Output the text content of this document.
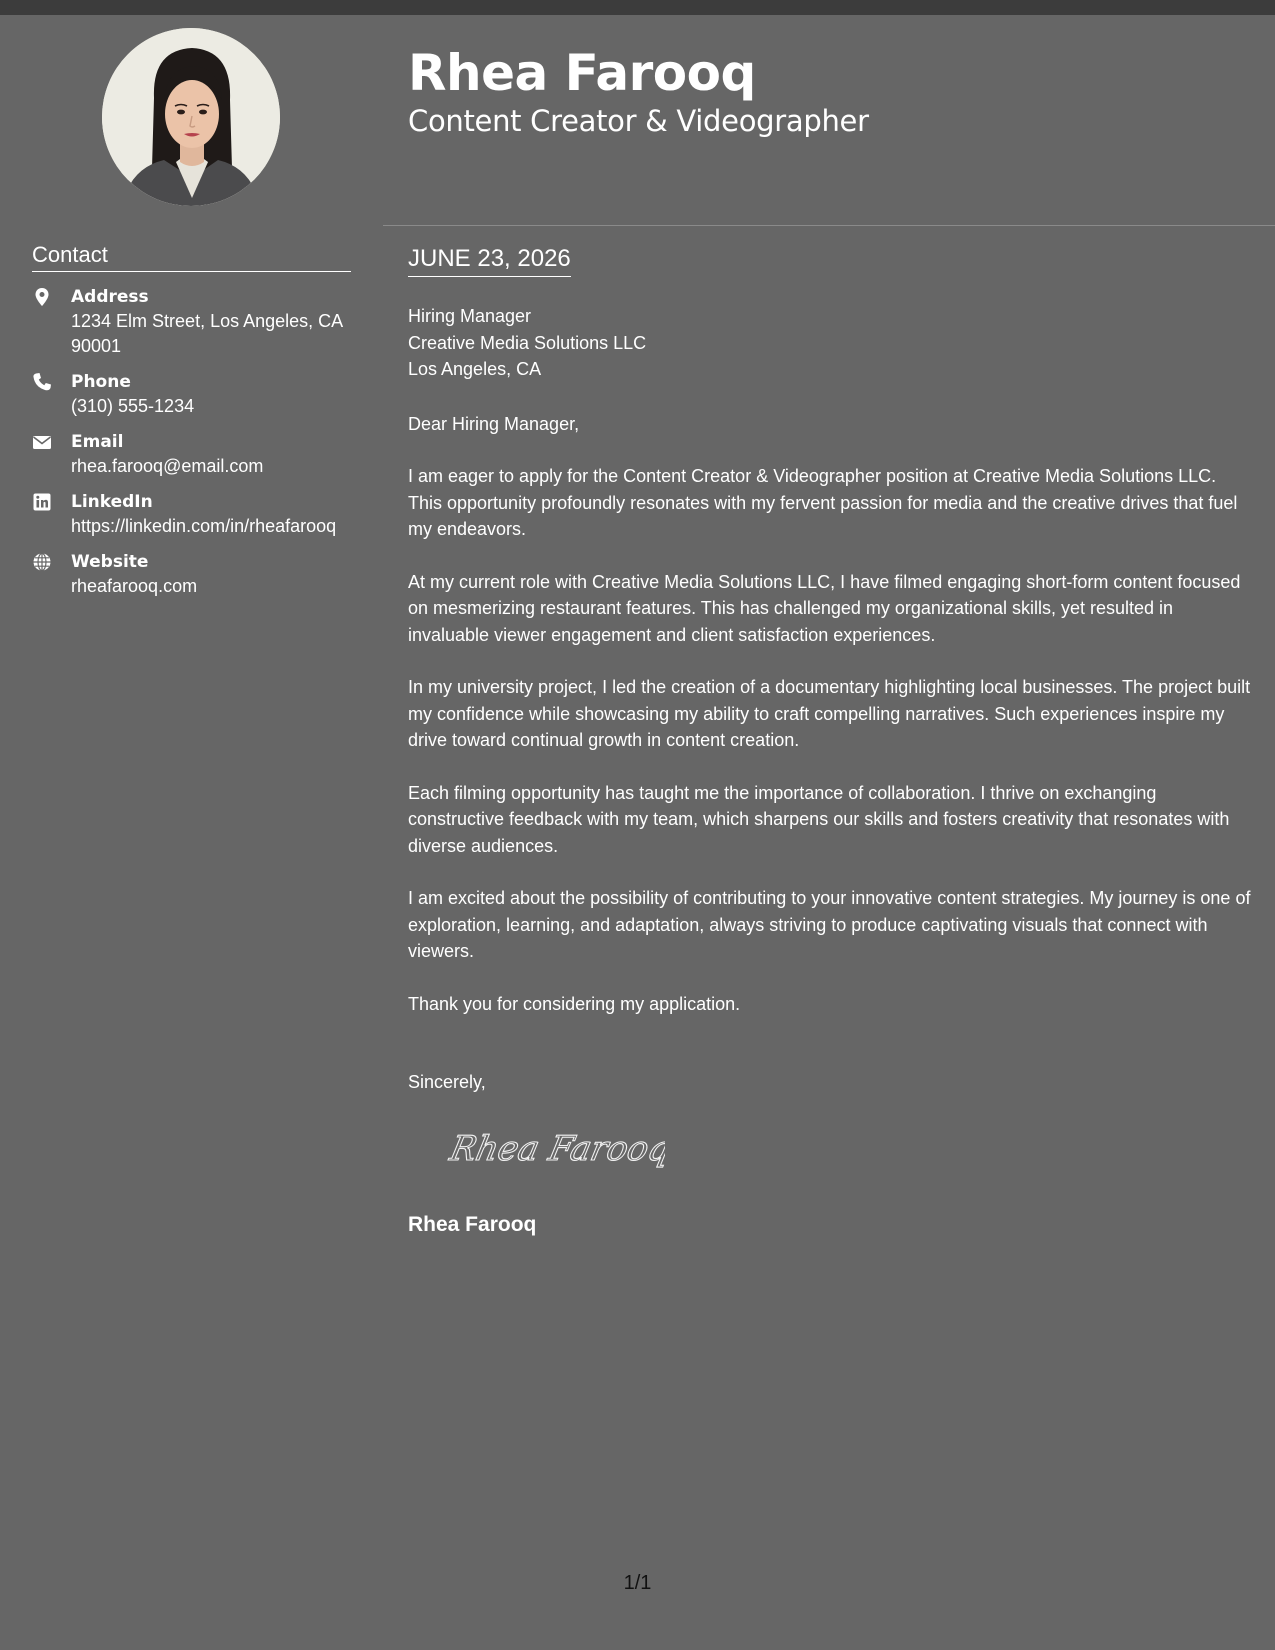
Contact
Address
1234 Elm Street, Los Angeles, CA 90001
Phone
(310) 555-1234
Email
rhea.farooq@email.com
LinkedIn
https://linkedin.com/in/rheafarooq
Website
rheafarooq.com
Rhea Farooq
Content Creator & Videographer
JUNE 23, 2026
Hiring Manager
Creative Media Solutions LLC
Los Angeles, CA

Dear Hiring Manager,

I am eager to apply for the Content Creator & Videographer position at Creative Media Solutions LLC. This opportunity profoundly resonates with my fervent passion for media and the creative drives that fuel my endeavors.

At my current role with Creative Media Solutions LLC, I have filmed engaging short-form content focused on mesmerizing restaurant features. This has challenged my organizational skills, yet resulted in invaluable viewer engagement and client satisfaction experiences.

In my university project, I led the creation of a documentary highlighting local businesses. The project built my confidence while showcasing my ability to craft compelling narratives. Such experiences inspire my drive toward continual growth in content creation.

Each filming opportunity has taught me the importance of collaboration. I thrive on exchanging constructive feedback with my team, which sharpens our skills and fosters creativity that resonates with diverse audiences.

I am excited about the possibility of contributing to your innovative content strategies. My journey is one of exploration, learning, and adaptation, always striving to produce captivating visuals that connect with viewers.

Thank you for considering my application.

Sincerely,
Rhea Farooq
Rhea Farooq
1/1
